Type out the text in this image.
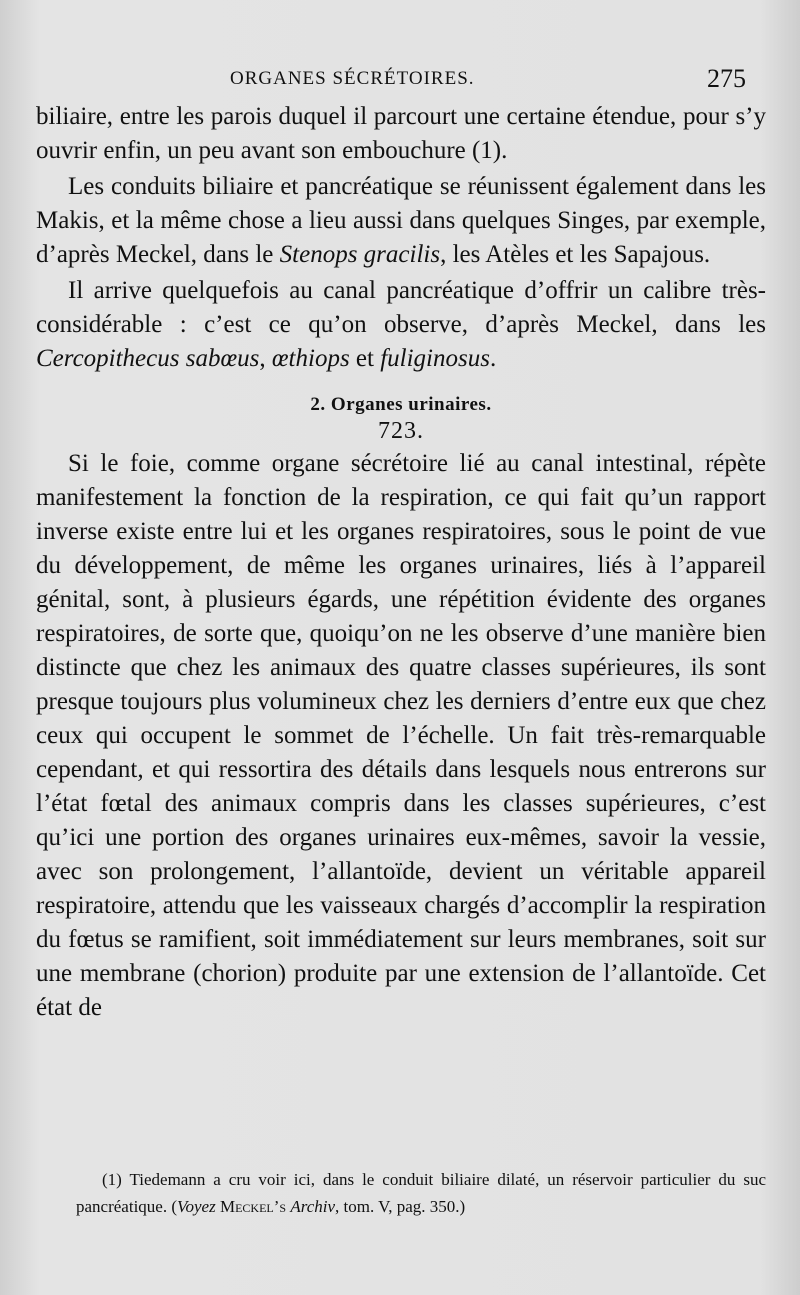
ORGANES SÉCRÉTOIRES.	275

biliaire, entre les parois duquel il parcourt une certaine étendue, pour s’y ouvrir enfin, un peu avant son embouchure (1).

Les conduits biliaire et pancréatique se réunissent également dans les Makis, et la même chose a lieu aussi dans quelques Singes, par exemple, d’après Meckel, dans le Stenops gracilis, les Atèles et les Sapajous.

Il arrive quelquefois au canal pancréatique d’offrir un calibre très-considérable : c’est ce qu’on observe, d’après Meckel, dans les Cercopithecus sabœus, œthiops et fuliginosus.

2. Organes urinaires.
723.

Si le foie, comme organe sécrétoire lié au canal intestinal, répète manifestement la fonction de la respiration, ce qui fait qu’un rapport inverse existe entre lui et les organes respiratoires, sous le point de vue du développement, de même les organes urinaires, liés à l’appareil génital, sont, à plusieurs égards, une répétition évidente des organes respiratoires, de sorte que, quoiqu’on ne les observe d’une manière bien distincte que chez les animaux des quatre classes supérieures, ils sont presque toujours plus volumineux chez les derniers d’entre eux que chez ceux qui occupent le sommet de l’échelle. Un fait très-remarquable cependant, et qui ressortira des détails dans lesquels nous entrerons sur l’état fœtal des animaux compris dans les classes supérieures, c’est qu’ici une portion des organes urinaires eux-mêmes, savoir la vessie, avec son prolongement, l’allantoïde, devient un véritable appareil respiratoire, attendu que les vaisseaux chargés d’accomplir la respiration du fœtus se ramifient, soit immédiatement sur leurs membranes, soit sur une membrane (chorion) produite par une extension de l’allantoïde. Cet état de

(1) Tiedemann a cru voir ici, dans le conduit biliaire dilaté, un réservoir particulier du suc pancréatique. (Voyez Meckel’s Archiv, tom. V, pag. 350.)
